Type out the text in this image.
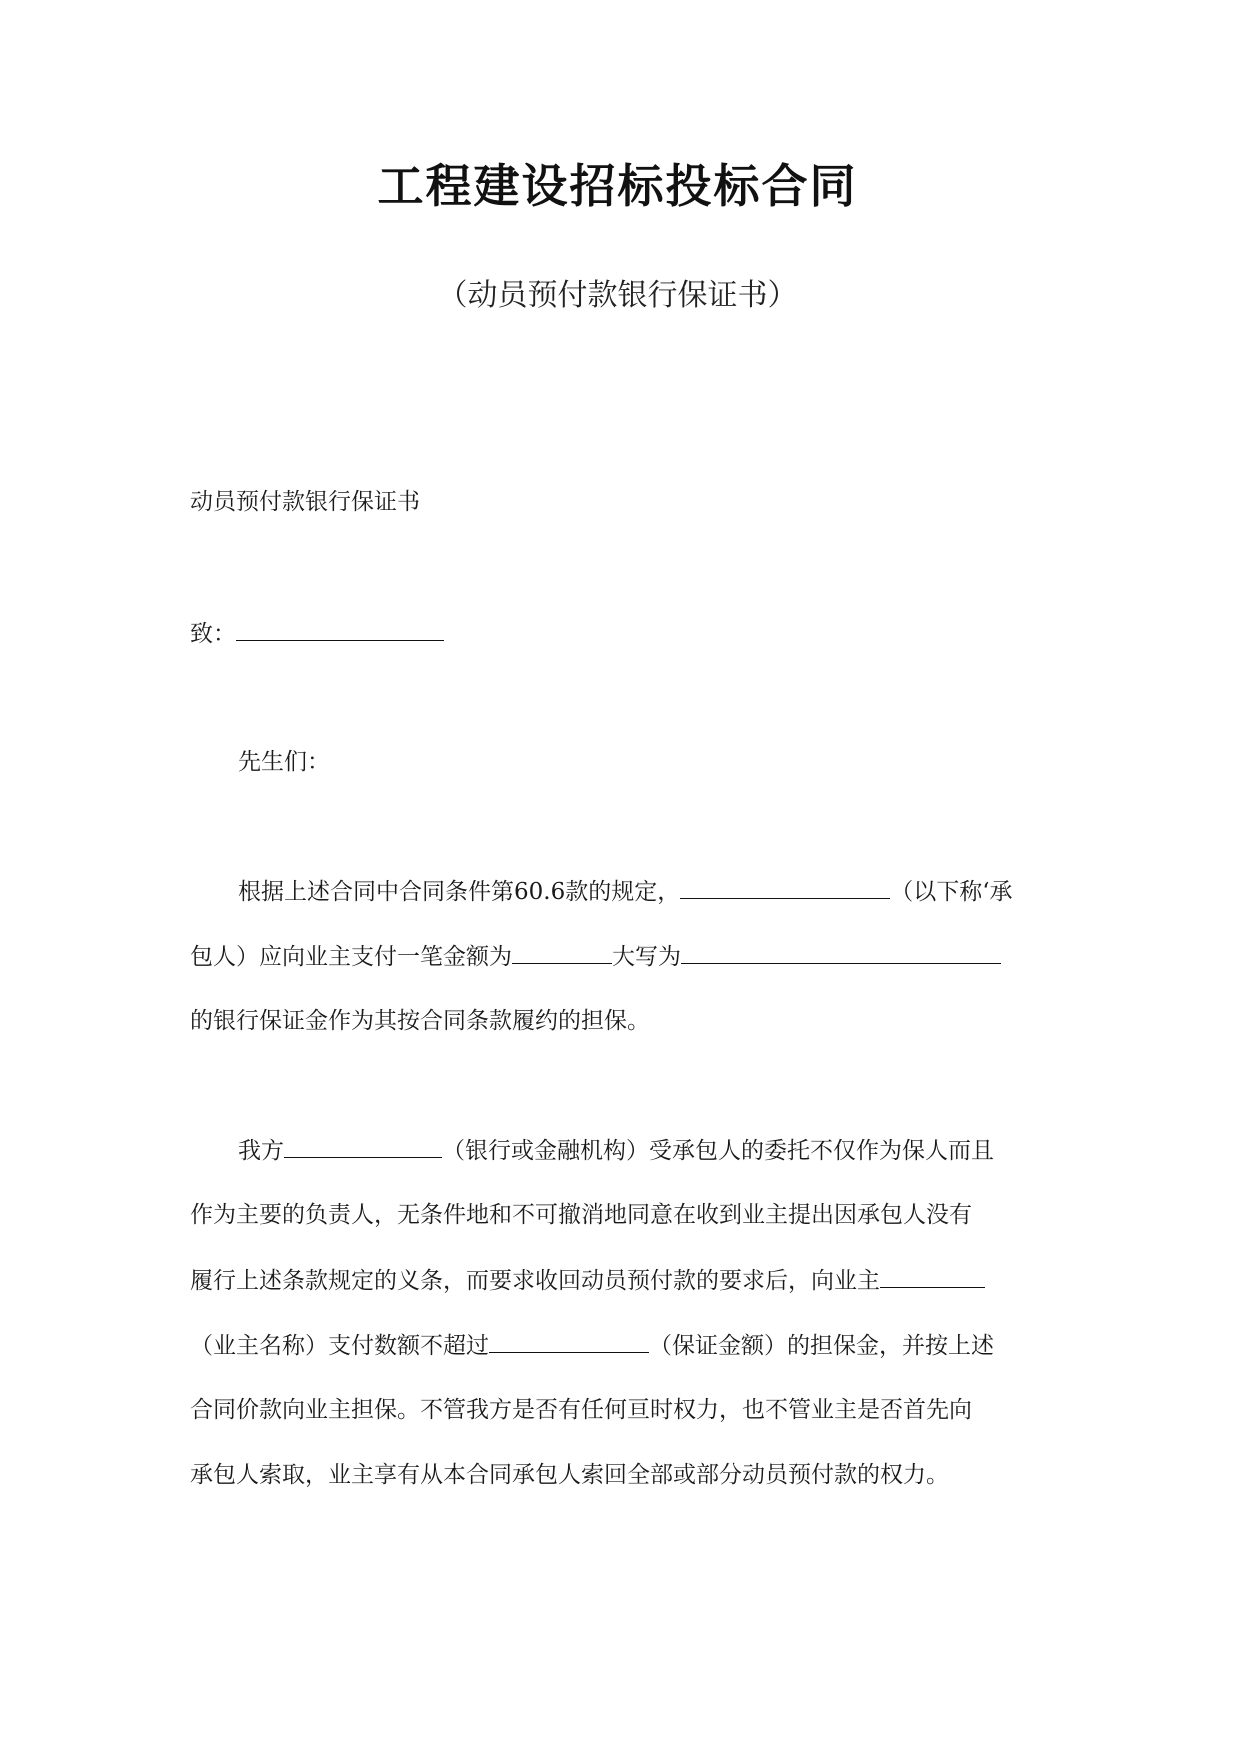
工程建设招标投标合同
（动员预付款银行保证书）
动员预付款银行保证书
致：
先生们：
根据上述合同中合同条件第60.6款的规定，	（以下称‘承
包人）应向业主支付一笔金额为	大写为
的银行保证金作为其按合同条款履约的担保。
我方	（银行或金融机构）受承包人的委托不仅作为保人而且
作为主要的负责人，无条件地和不可撤消地同意在收到业主提出因承包人没有
履行上述条款规定的义条，而要求收回动员预付款的要求后，向业主
（业主名称）支付数额不超过	（保证金额）的担保金，并按上述
合同价款向业主担保。不管我方是否有任何亘时权力，也不管业主是否首先向
承包人索取，业主享有从本合同承包人索回全部或部分动员预付款的权力。
